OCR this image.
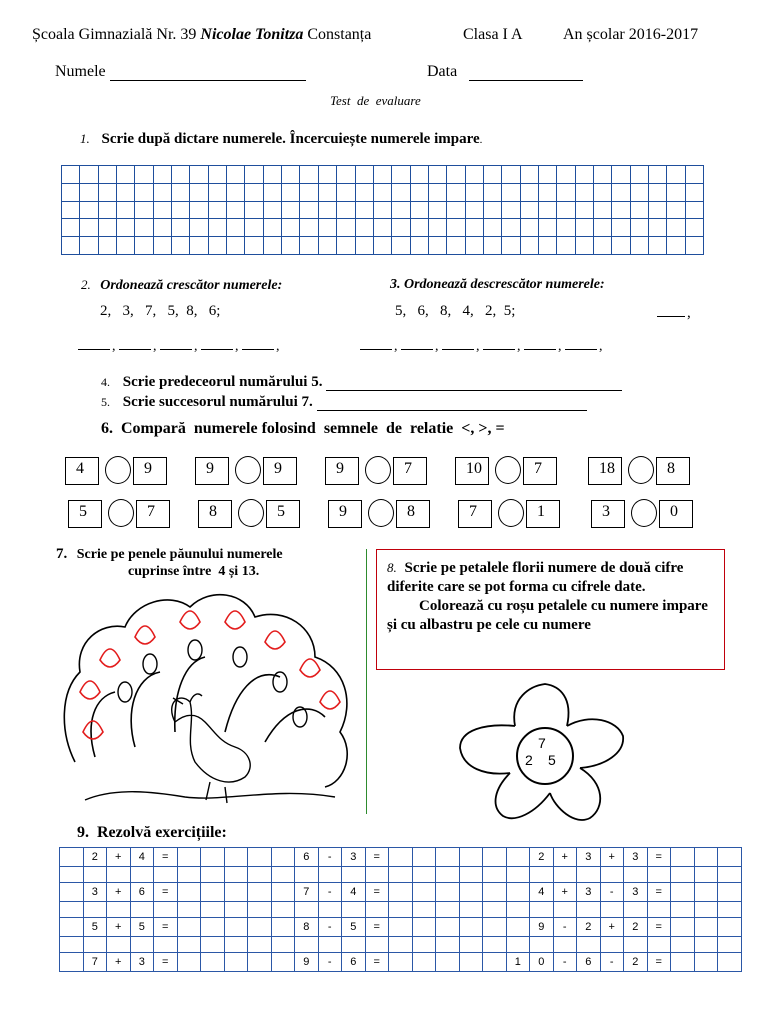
Școala Gimnazială Nr. 39 Nicolae Tonitza Constanța	Clasa I A	An școlar 2016-2017
Numele	Data
Test  de  evaluare
1. Scrie după dictare numerele. Încercuiește numerele impare.

2. Ordonează crescător numerele:	3. Ordonează descrescător numerele:
2,   3,   7,   5,  8,   6;	5,   6,   8,   4,   2,  5;	,
, , , , ,	, , , , , ,
4. Scrie predeceorul numărului 5.
5. Scrie succesorul numărului 7.
6.  Compară  numerele folosind  semnele  de  relatie  <, >, =
4	9	9	9	9	7	10	7	18	8
5	7	8	5	9	8	7	1	3	0
7. Scrie pe penele păunului numerele
cuprinse între  4 și 13.	8. Scrie pe petalele florii numere de două cifre diferite care se pot forma cu cifrele date.
Colorează cu roșu petalele cu numere impare și cu albastru pe cele cu numere
7
2 5
9.  Rezolvă exercițiile:
	2	+	4	=						6	-	3	=							2	+	3	+	3	=			

	3	+	6	=						7	-	4	=							4	+	3	-	3	=			

	5	+	5	=						8	-	5	=							9	-	2	+	2	=			

	7	+	3	=						9	-	6	=						1	0	-	6	-	2	=			
